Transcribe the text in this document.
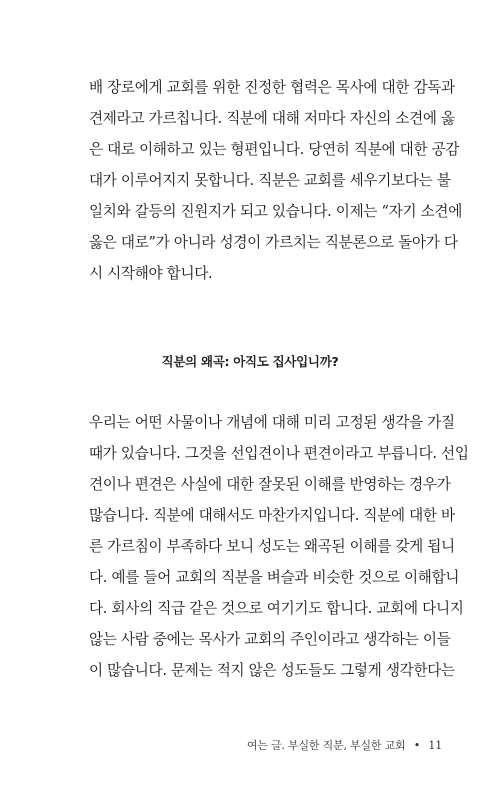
배 장로에게 교회를 위한 진정한 협력은 목사에 대한 감독과
견제라고 가르칩니다. 직분에 대해 저마다 자신의 소견에 옳
은 대로 이해하고 있는 형편입니다. 당연히 직분에 대한 공감
대가 이루어지지 못합니다. 직분은 교회를 세우기보다는 불
일치와 갈등의 진원지가 되고 있습니다. 이제는 “자기 소견에
옳은 대로”가 아니라 성경이 가르치는 직분론으로 돌아가 다
시 시작해야 합니다.
직분의 왜곡: 아직도 집사입니까?
우리는 어떤 사물이나 개념에 대해 미리 고정된 생각을 가질
때가 있습니다. 그것을 선입견이나 편견이라고 부릅니다. 선입
견이나 편견은 사실에 대한 잘못된 이해를 반영하는 경우가
많습니다. 직분에 대해서도 마찬가지입니다. 직분에 대한 바
른 가르침이 부족하다 보니 성도는 왜곡된 이해를 갖게 됩니
다. 예를 들어 교회의 직분을 벼슬과 비슷한 것으로 이해합니
다. 회사의 직급 같은 것으로 여기기도 합니다. 교회에 다니지
않는 사람 중에는 목사가 교회의 주인이라고 생각하는 이들
이 많습니다. 문제는 적지 않은 성도들도 그렇게 생각한다는
여는 글. 부실한 직분, 부실한 교회 • 11
